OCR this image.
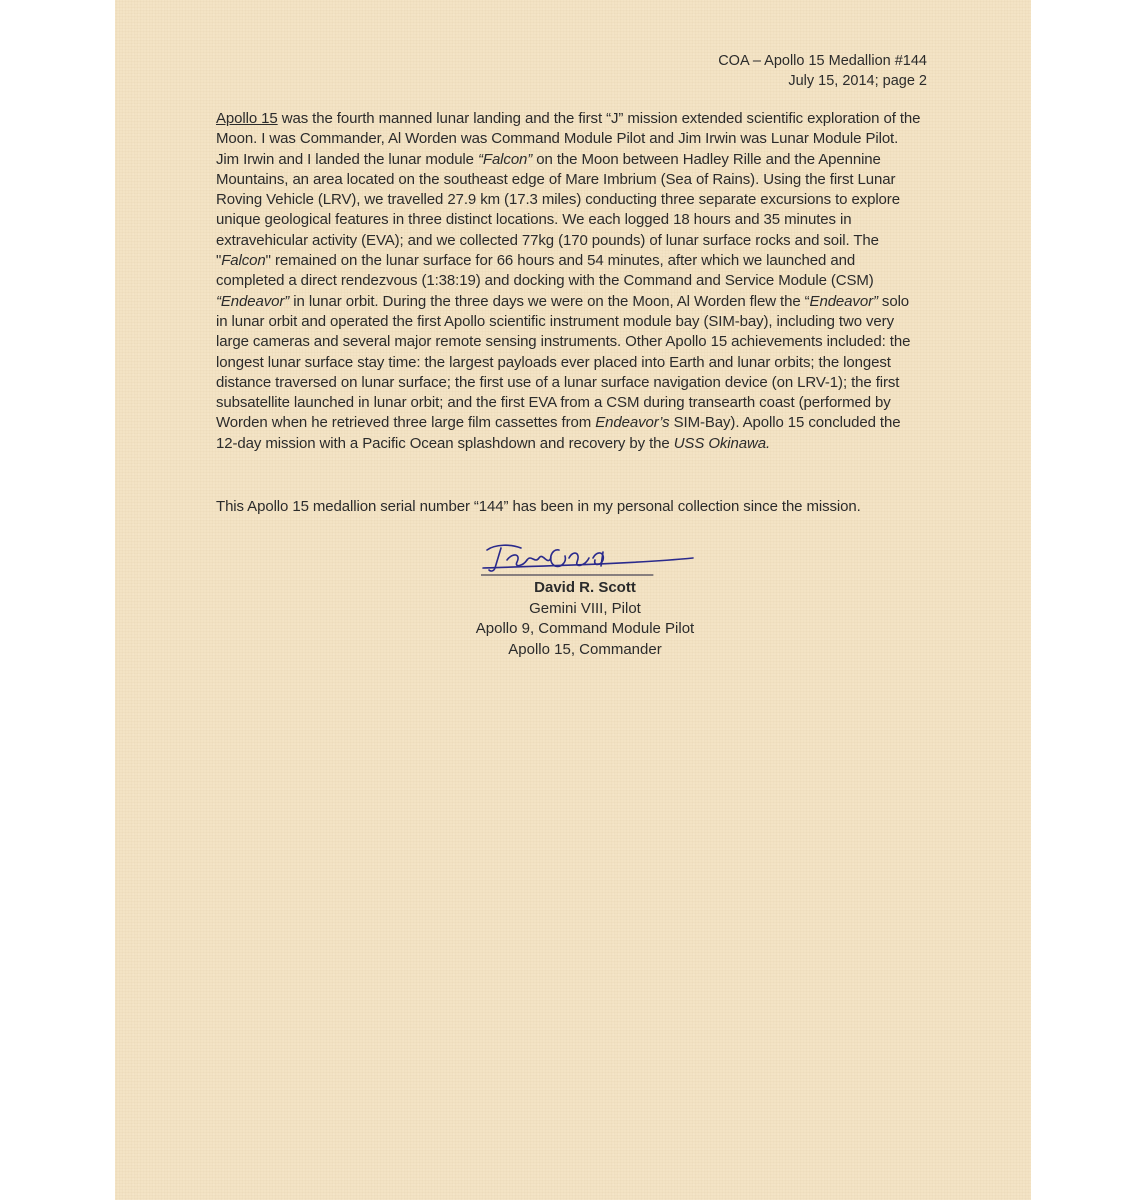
COA – Apollo 15 Medallion #144
July 15, 2014; page 2
Apollo 15 was the fourth manned lunar landing and the first “J” mission extended scientific exploration of the Moon. I was Commander, Al Worden was Command Module Pilot and Jim Irwin was Lunar Module Pilot. Jim Irwin and I landed the lunar module “Falcon” on the Moon between Hadley Rille and the Apennine Mountains, an area located on the southeast edge of Mare Imbrium (Sea of Rains). Using the first Lunar Roving Vehicle (LRV), we travelled 27.9 km (17.3 miles) conducting three separate excursions to explore unique geological features in three distinct locations. We each logged 18 hours and 35 minutes in extravehicular activity (EVA); and we collected 77kg (170 pounds) of lunar surface rocks and soil. The "Falcon" remained on the lunar surface for 66 hours and 54 minutes, after which we launched and completed a direct rendezvous (1:38:19) and docking with the Command and Service Module (CSM) “Endeavor” in lunar orbit. During the three days we were on the Moon, Al Worden flew the “Endeavor” solo in lunar orbit and operated the first Apollo scientific instrument module bay (SIM-bay), including two very large cameras and several major remote sensing instruments. Other Apollo 15 achievements included: the longest lunar surface stay time: the largest payloads ever placed into Earth and lunar orbits; the longest distance traversed on lunar surface; the first use of a lunar surface navigation device (on LRV-1); the first subsatellite launched in lunar orbit; and the first EVA from a CSM during transearth coast (performed by Worden when he retrieved three large film cassettes from Endeavor’s SIM-Bay). Apollo 15 concluded the 12-day mission with a Pacific Ocean splashdown and recovery by the USS Okinawa.
This Apollo 15 medallion serial number “144” has been in my personal collection since the mission.
David R. Scott
Gemini VIII, Pilot
Apollo 9, Command Module Pilot
Apollo 15, Commander
